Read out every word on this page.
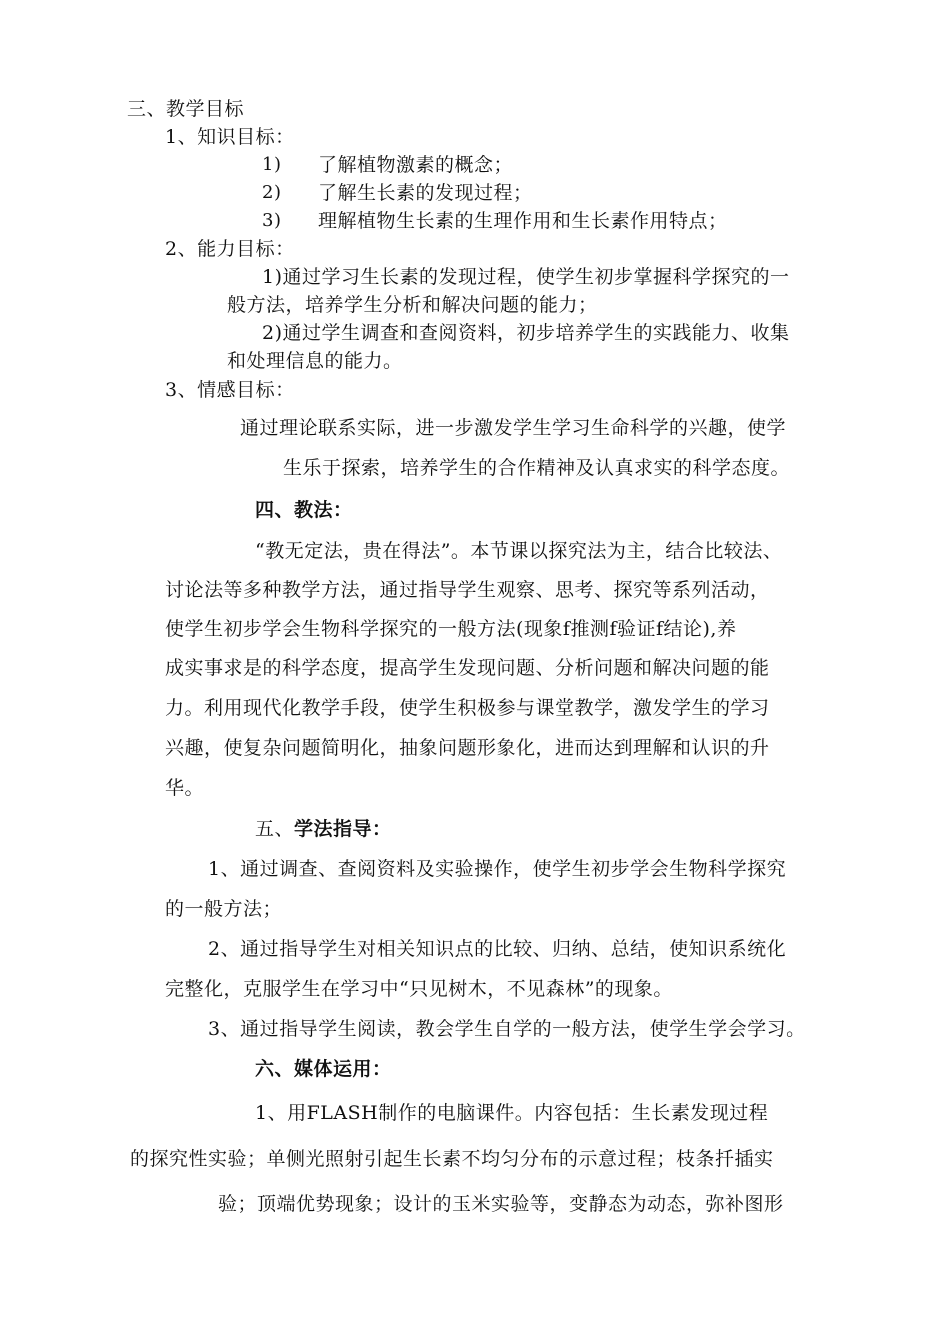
三、教学目标
1、知识目标：
1) 了解植物激素的概念；
2) 了解生长素的发现过程；
3) 理解植物生长素的生理作用和生长素作用特点；
2、能力目标：
1)通过学习生长素的发现过程，使学生初步掌握科学探究的一
般方法，培养学生分析和解决问题的能力；
2)通过学生调查和查阅资料，初步培养学生的实践能力、收集
和处理信息的能力。
3、情感目标：
通过理论联系实际，进一步激发学生学习生命科学的兴趣，使学
生乐于探索，培养学生的合作精神及认真求实的科学态度。
四、教法：
“教无定法，贵在得法”。本节课以探究法为主，结合比较法、
讨论法等多种教学方法，通过指导学生观察、思考、探究等系列活动，
使学生初步学会生物科学探究的一般方法(现象f推测f验证f结论),养
成实事求是的科学态度，提高学生发现问题、分析问题和解决问题的能
力。利用现代化教学手段，使学生积极参与课堂教学，激发学生的学习
兴趣，使复杂问题简明化，抽象问题形象化，进而达到理解和认识的升
华。
五、学法指导：
1、通过调查、查阅资料及实验操作，使学生初步学会生物科学探究
的一般方法；
2、通过指导学生对相关知识点的比较、归纳、总结，使知识系统化
完整化，克服学生在学习中“只见树木，不见森林”的现象。
3、通过指导学生阅读，教会学生自学的一般方法，使学生学会学习。
六、媒体运用：
1、用FLASH制作的电脑课件。内容包括：生长素发现过程
的探究性实验；单侧光照射引起生长素不均匀分布的示意过程；枝条扦插实
验；顶端优势现象；设计的玉米实验等，变静态为动态，弥补图形
